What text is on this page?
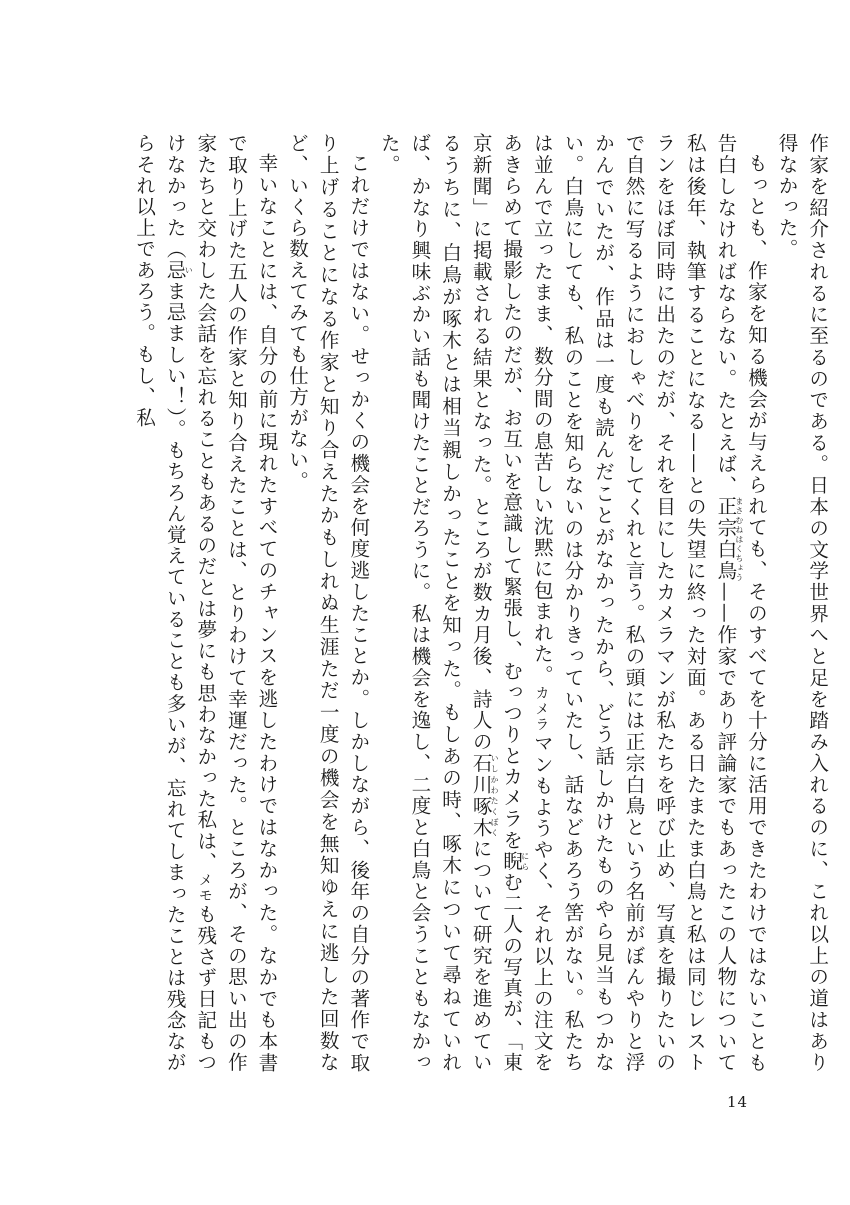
作家を紹介されるに至るのである。日本の文学世界へと足を踏み入れるのに、これ以上の道はあり得なかった。

もっとも、作家を知る機会が与えられても、そのすべてを十分に活用できたわけではないことも告白しなければならない。たとえば、正宗白鳥まさむねはくちょう——作家であり評論家でもあったこの人物について私は後年、執筆することになる——との失望に終った対面。ある日たまたま白鳥と私は同じレストランをほぼ同時に出たのだが、それを目にしたカメラマンが私たちを呼び止め、写真を撮りたいので自然に写るようにおしゃべりをしてくれと言う。私の頭には正宗白鳥という名前がぼんやりと浮かんでいたが、作品は一度も読んだことがなかったから、どう話しかけたものやら見当もつかない。白鳥にしても、私のことを知らないのは分かりきっていたし、話などあろう筈がない。私たちは並んで立ったまま、数分間の息苦しい沈黙に包まれた。カメラマンもようやく、それ以上の注文をあきらめて撮影したのだが、お互いを意識して緊張し、むっつりとカメラを睨にらむ二人の写真が、「東京新聞」に掲載される結果となった。ところが数カ月後、詩人の石川啄木いしかわたくぼくについて研究を進めているうちに、白鳥が啄木とは相当親しかったことを知った。もしあの時、啄木について尋ねていれば、かなり興味ぶかい話も聞けたことだろうに。私は機会を逸し、二度と白鳥と会うこともなかった。

これだけではない。せっかくの機会を何度逃したことか。しかしながら、後年の自分の著作で取り上げることになる作家と知り合えたかもしれぬ生涯ただ一度の機会を無知ゆえに逃した回数など、いくら数えてみても仕方がない。

幸いなことには、自分の前に現れたすべてのチャンスを逃したわけではなかった。なかでも本書で取り上げた五人の作家と知り合えたことは、とりわけて幸運だった。ところが、その思い出の作家たちと交わした会話を忘れることもあるのだとは夢にも思わなかった私は、メモも残さず日記もつけなかった（忌いま忌ましい！）。もちろん覚えていることも多いが、忘れてしまったことは残念ながらそれ以上であろう。もし、私

14
